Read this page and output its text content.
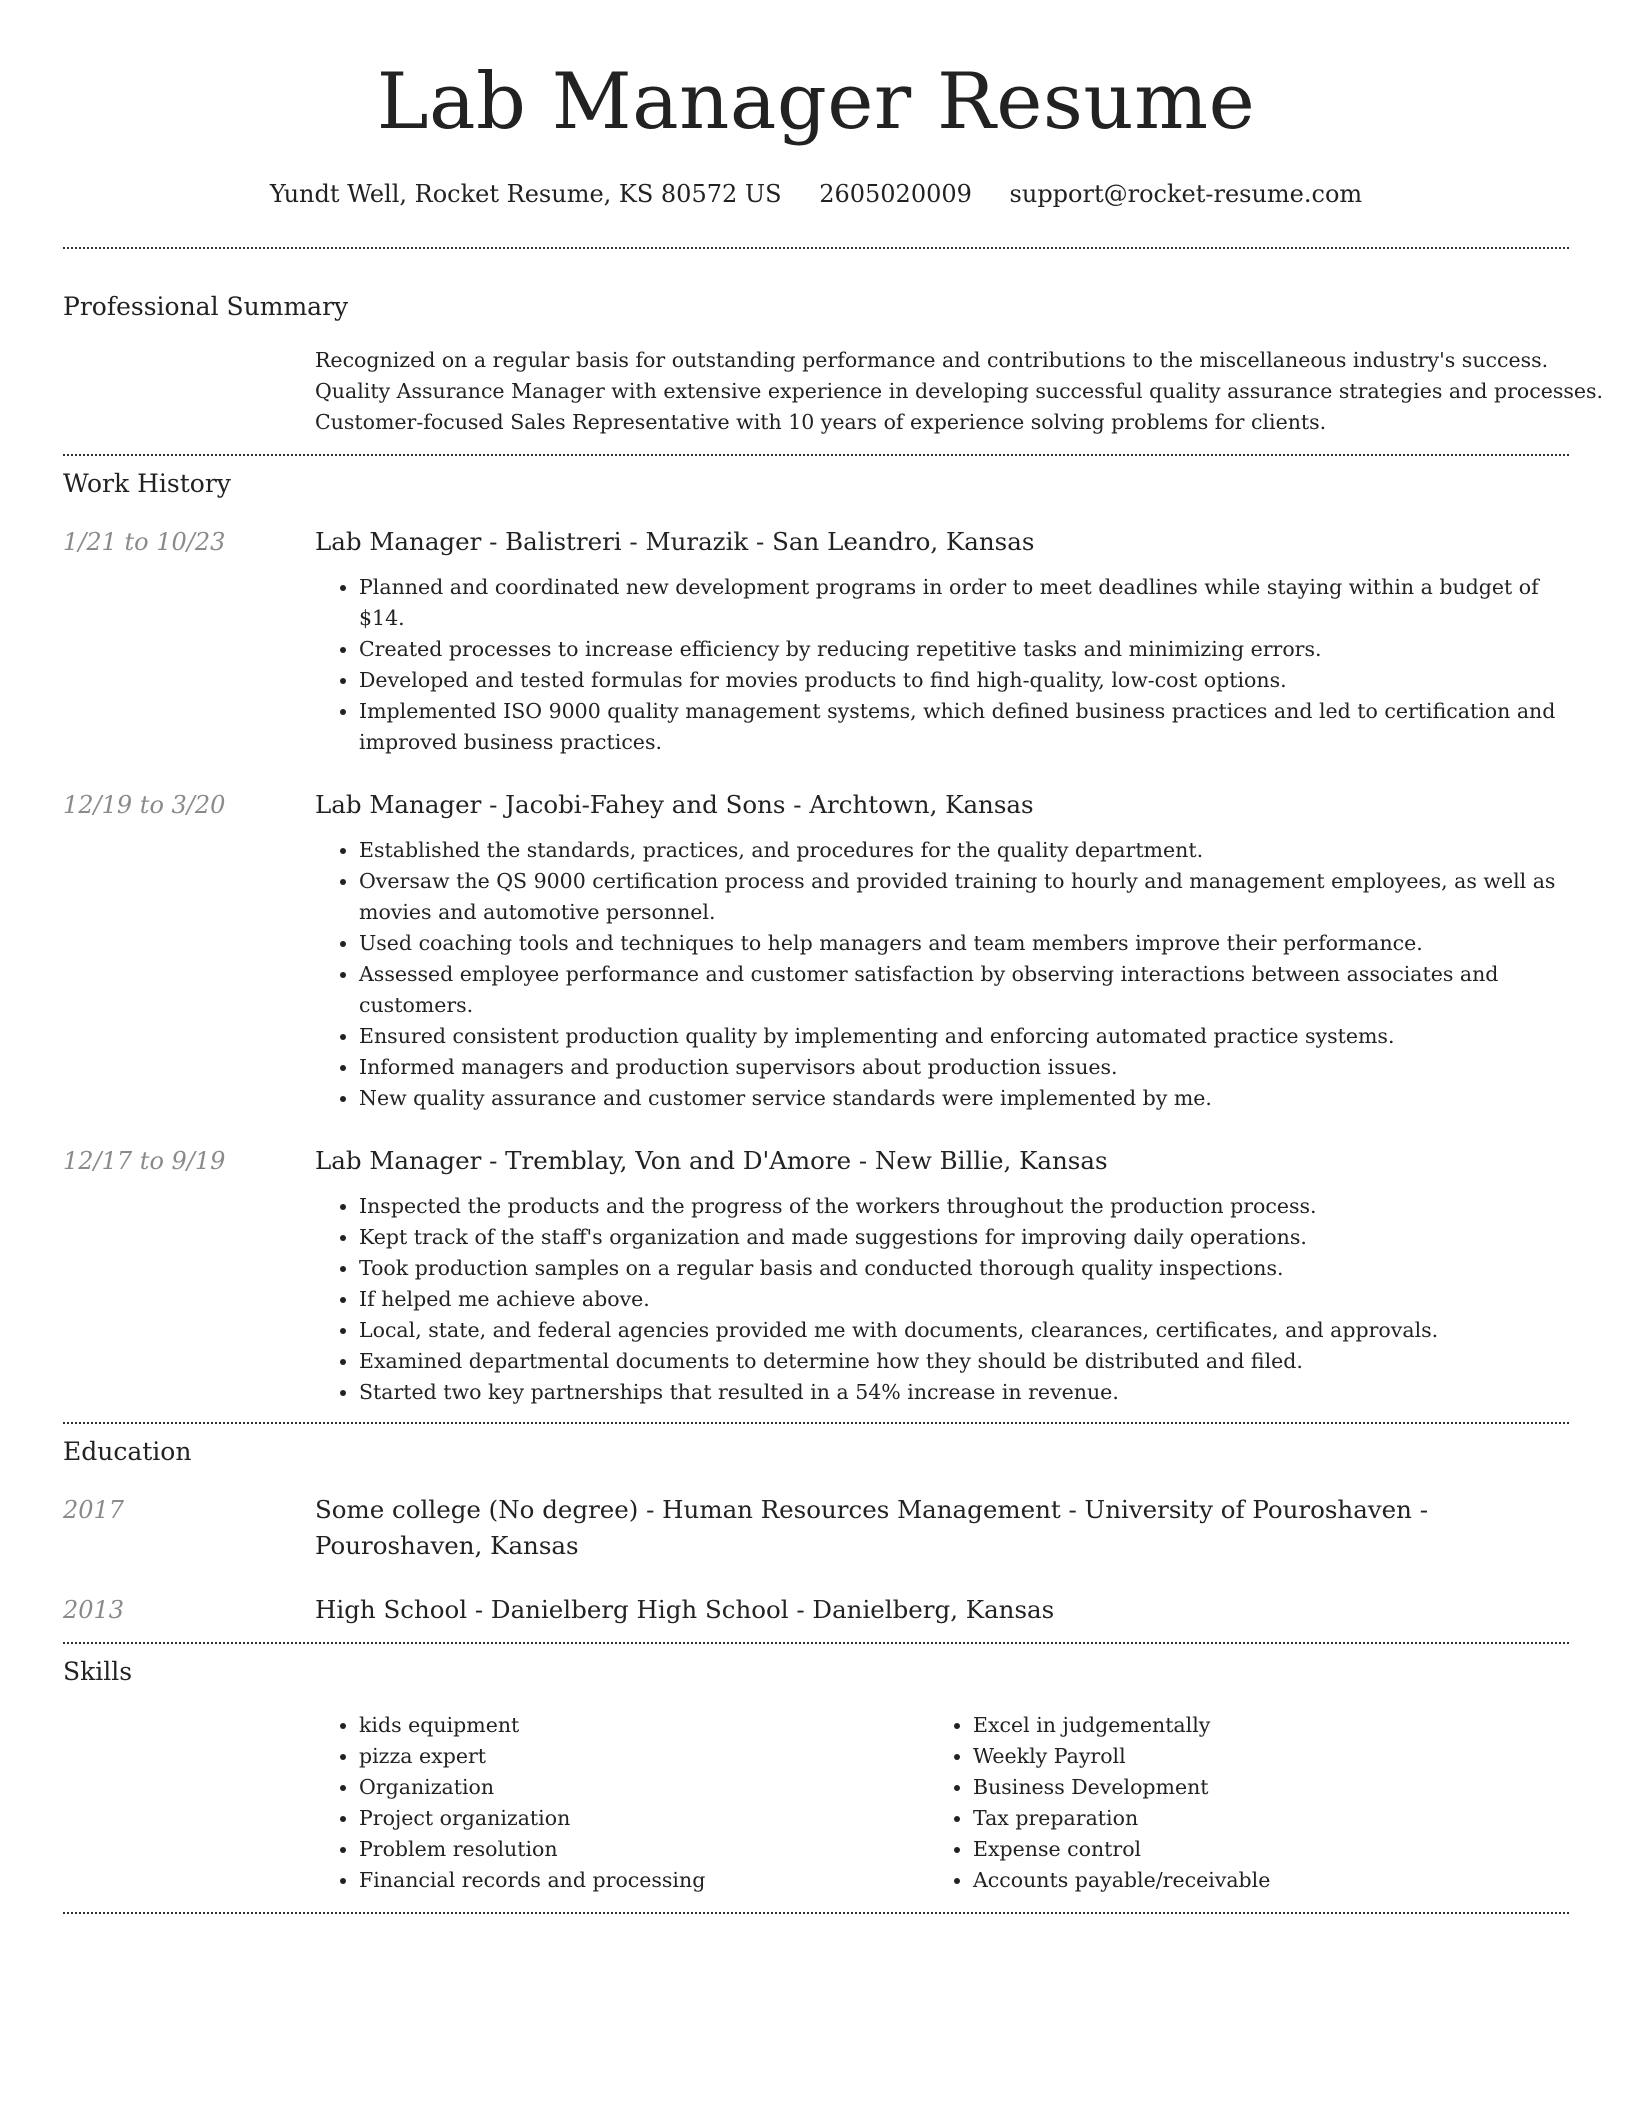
Lab Manager Resume
Yundt Well, Rocket Resume, KS 80572 US 2605020009 support@rocket-resume.com
Professional Summary
Recognized on a regular basis for outstanding performance and contributions to the miscellaneous industry's success.
Quality Assurance Manager with extensive experience in developing successful quality assurance strategies and processes.
Customer-focused Sales Representative with 10 years of experience solving problems for clients.
Work History
1/21 to 10/23	Lab Manager - Balistreri - Murazik - San Leandro, Kansas
• Planned and coordinated new development programs in order to meet deadlines while staying within a budget of $14.
• Created processes to increase efficiency by reducing repetitive tasks and minimizing errors.
• Developed and tested formulas for movies products to find high-quality, low-cost options.
• Implemented ISO 9000 quality management systems, which defined business practices and led to certification and improved business practices.
12/19 to 3/20	Lab Manager - Jacobi-Fahey and Sons - Archtown, Kansas
• Established the standards, practices, and procedures for the quality department.
• Oversaw the QS 9000 certification process and provided training to hourly and management employees, as well as movies and automotive personnel.
• Used coaching tools and techniques to help managers and team members improve their performance.
• Assessed employee performance and customer satisfaction by observing interactions between associates and customers.
• Ensured consistent production quality by implementing and enforcing automated practice systems.
• Informed managers and production supervisors about production issues.
• New quality assurance and customer service standards were implemented by me.
12/17 to 9/19	Lab Manager - Tremblay, Von and D'Amore - New Billie, Kansas
• Inspected the products and the progress of the workers throughout the production process.
• Kept track of the staff's organization and made suggestions for improving daily operations.
• Took production samples on a regular basis and conducted thorough quality inspections.
• If helped me achieve above.
• Local, state, and federal agencies provided me with documents, clearances, certificates, and approvals.
• Examined departmental documents to determine how they should be distributed and filed.
• Started two key partnerships that resulted in a 54% increase in revenue.
Education
2017	Some college (No degree) - Human Resources Management - University of Pouroshaven - Pouroshaven, Kansas
2013	High School - Danielberg High School - Danielberg, Kansas
Skills
• kids equipment
• pizza expert
• Organization
• Project organization
• Problem resolution
• Financial records and processing
• Excel in judgementally
• Weekly Payroll
• Business Development
• Tax preparation
• Expense control
• Accounts payable/receivable
